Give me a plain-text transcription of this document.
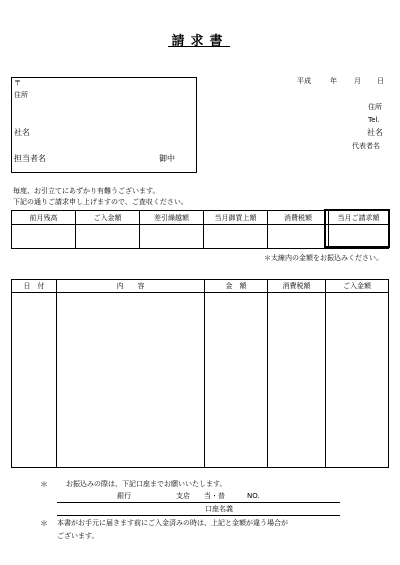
請求書
平成	年 月 日
〒
住所
社名
担当者名	御中
住所
Tel.
社名
代表者名
毎度、お引立てにあずかり有難うございます。
下記の通りご請求申し上げますので、ご査収ください。
前月残高	ご入金額	差引繰越額	当月御買上額	消費税額	当月ご請求額

＊太線内の金額をお振込みください。
日　付	内　　容	金　額	消費税額	ご入金額

＊	お振込みの際は、下記口座までお願いいたします。
銀行	支店 当・普	NO.
口座名義
＊ 本書がお手元に届きます前にご入金済みの時は、上記と金額が違う場合が
ございます。
